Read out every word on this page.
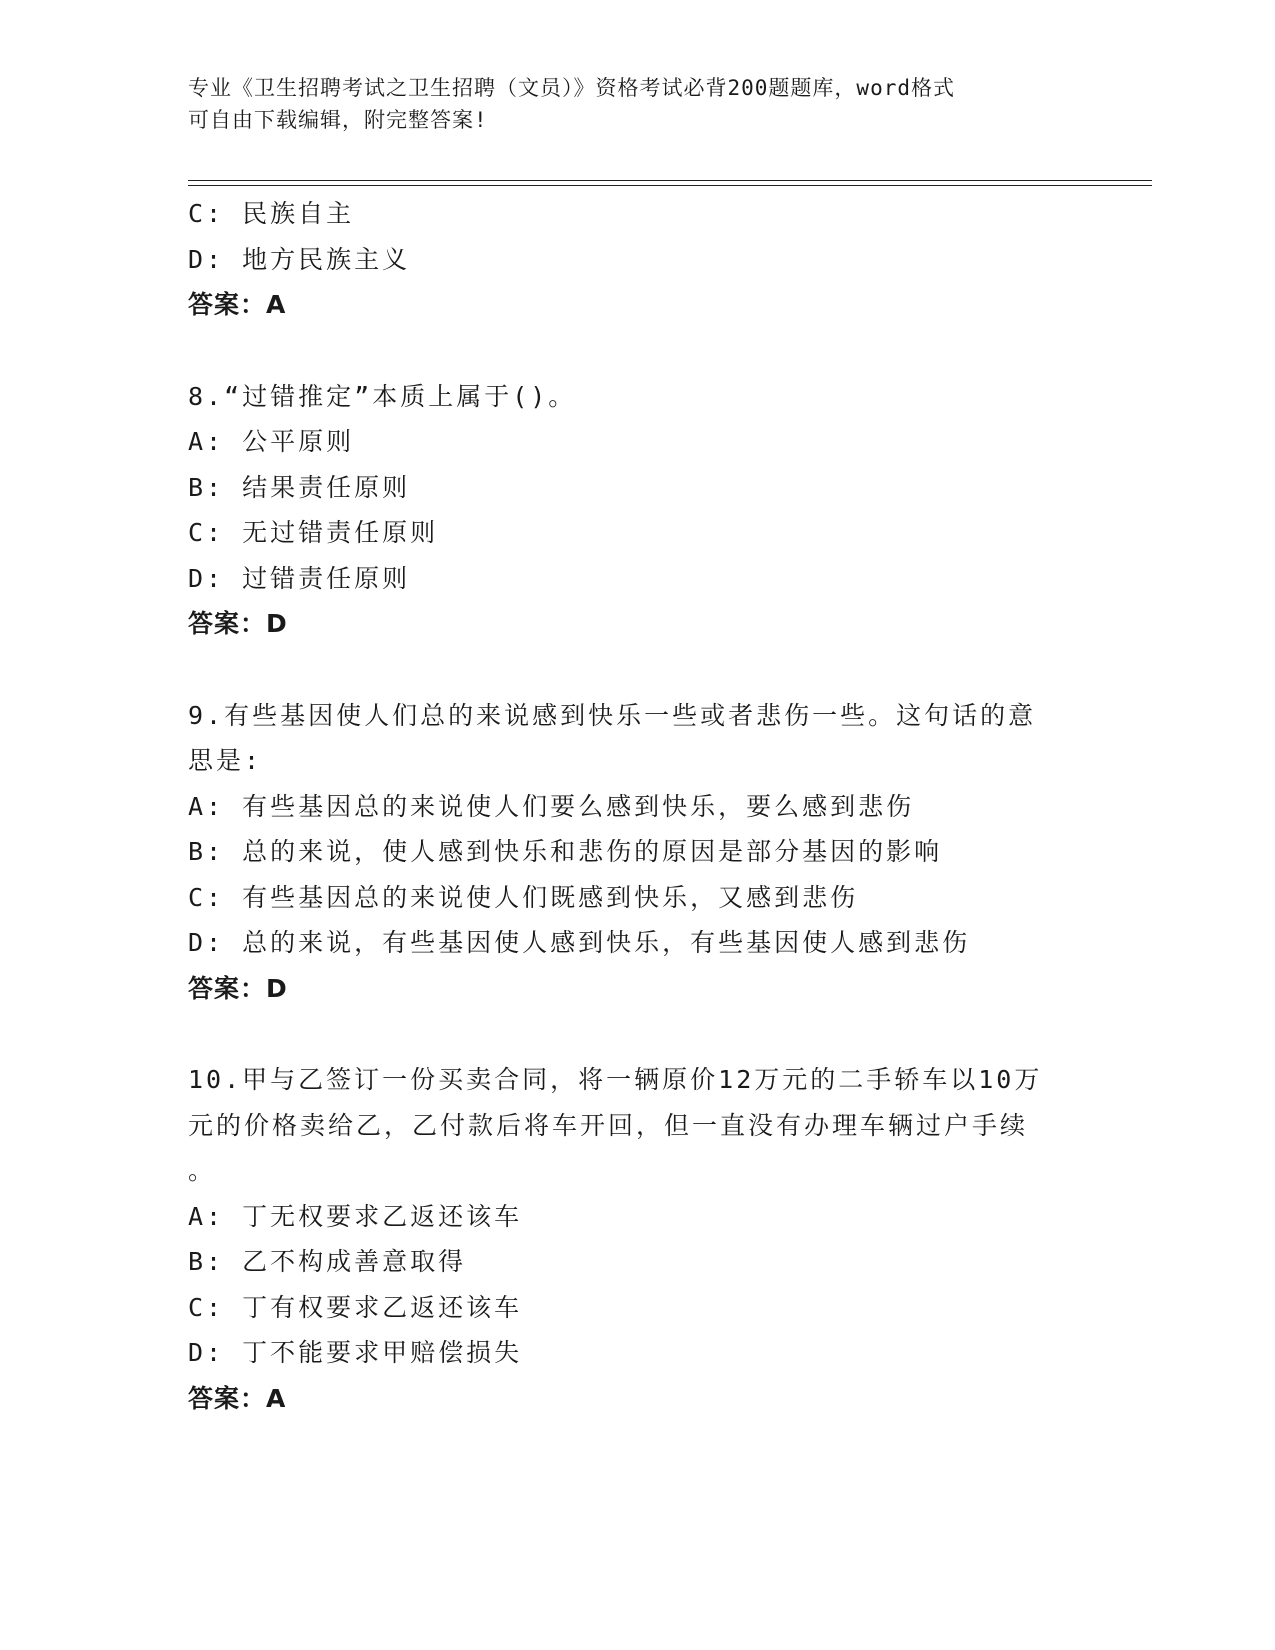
专业《卫生招聘考试之卫生招聘（文员）》资格考试必背200题题库，word格式
可自由下载编辑，附完整答案!
C: 民族自主
D: 地方民族主义
答案：A
8.“过错推定”本质上属于()。
A: 公平原则
B: 结果责任原则
C: 无过错责任原则
D: 过错责任原则
答案：D
9.有些基因使人们总的来说感到快乐一些或者悲伤一些。这句话的意
思是:
A: 有些基因总的来说使人们要么感到快乐，要么感到悲伤
B: 总的来说，使人感到快乐和悲伤的原因是部分基因的影响
C: 有些基因总的来说使人们既感到快乐，又感到悲伤
D: 总的来说，有些基因使人感到快乐，有些基因使人感到悲伤
答案：D
10.甲与乙签订一份买卖合同，将一辆原价12万元的二手轿车以10万
元的价格卖给乙，乙付款后将车开回，但一直没有办理车辆过户手续
。
A: 丁无权要求乙返还该车
B: 乙不构成善意取得
C: 丁有权要求乙返还该车
D: 丁不能要求甲赔偿损失
答案：A
